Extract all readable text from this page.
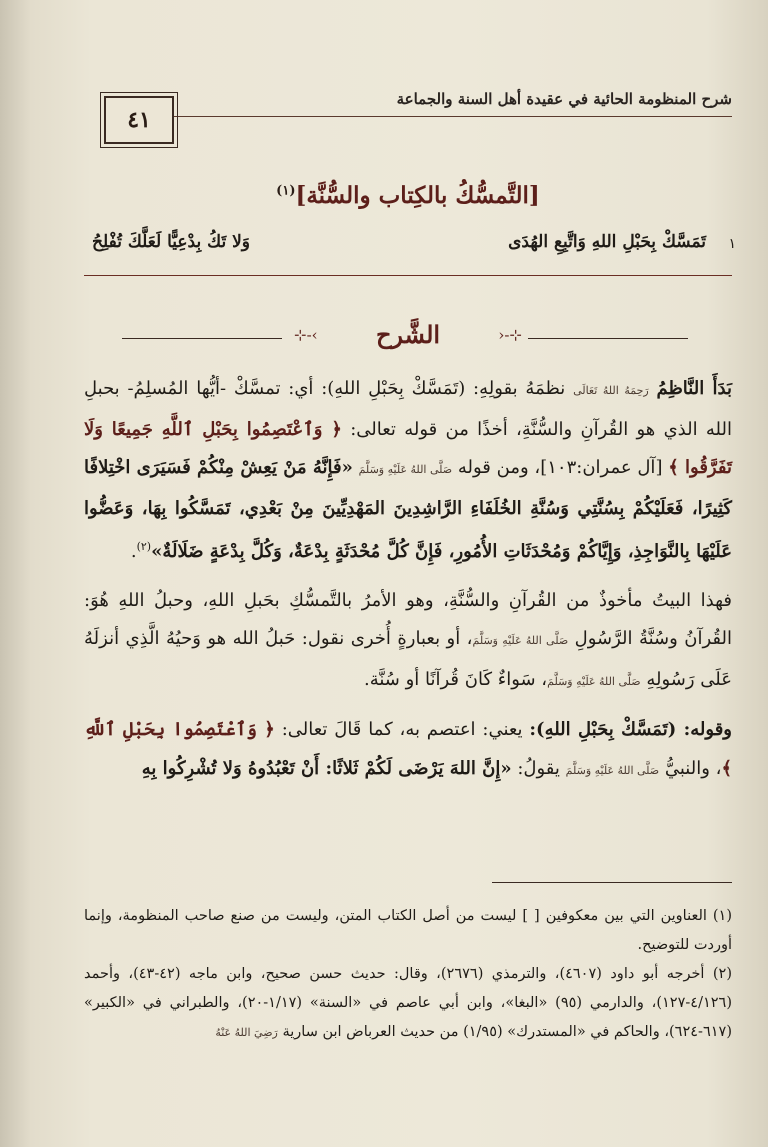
شرح المنظومة الحائية في عقيدة أهل السنة والجماعة
٤١
[التَّمسُّكُ بالكِتاب والسُّنَّة]$^{(١)}$
١
تَمَسَّكْ بِحَبْلِ اللهِ وَاتَّبِعِ الهُدَى
وَلا تَكُ بِدْعِيًّا لَعَلَّكَ تُفْلِحُ
⊹-‹
الشَّرح
›-⊹

بَدَأَ النَّاظِمُ رَحِمَهُ اللهُ تَعَالَى نظمَهُ بقولِهِ: (تَمَسَّكْ بِحَبْلِ اللهِ): أي: تمسَّكْ -أيُّها المُسلِمُ- بحبلِ الله الذي هو القُرآنِ والسُّنَّةِ، أخذًا من قوله تعالى: ﴿ وَٱعْتَصِمُوا بِحَبْلِ ٱللَّهِ جَمِيعًا وَلَا تَفَرَّقُوا ﴾ [آل عمران:١٠٣]، ومن قوله صَلَّى اللهُ عَلَيْهِ وَسَلَّمَ «فَإِنَّهُ مَنْ يَعِشْ مِنْكُمْ فَسَيَرَى اخْتِلافًا كَثِيرًا، فَعَلَيْكُمْ بِسُنَّتِي وَسُنَّةِ الخُلَفَاءِ الرَّاشِدِينَ المَهْدِيِّينَ مِنْ بَعْدِي، تَمَسَّكُوا بِهَا، وَعَضُّوا عَلَيْهَا بِالنَّوَاجِذِ، وَإِيَّاكُمْ وَمُحْدَثَاتِ الأُمُورِ، فَإِنَّ كُلَّ مُحْدَثَةٍ بِدْعَةٌ، وَكُلَّ بِدْعَةٍ ضَلَالَةٌ»$^{(٢)}$.

فهذا البيتُ مأخوذٌ من القُرآنِ والسُّنَّةِ، وهو الأمرُ بالتَّمسُّكِ بحَبلِ اللهِ، وحبلُ اللهِ هُوَ: القُرآنُ وسُنَّةُ الرَّسُولِ صَلَّى اللهُ عَلَيْهِ وَسَلَّمَ، أو بعبارةٍ أُخرى نقول: حَبلُ الله هو وَحيُهُ الَّذِي أنزلَهُ عَلَى رَسُولِهِ صَلَّى اللهُ عَلَيْهِ وَسَلَّمَ، سَواءٌ كَانَ قُرآنًا أو سُنَّة.

وقوله: (تَمَسَّكْ بِحَبْلِ اللهِ): يعني: اعتصم به، كما قَالَ تعالى: ﴿ وَٱعْتَصِمُوا بِحَبْلِ ٱللَّهِ ﴾، والنبيُّ صَلَّى اللهُ عَلَيْهِ وَسَلَّمَ يقولُ: «إِنَّ اللهَ يَرْضَى لَكُمْ ثَلاثًا: أَنْ تَعْبُدُوهُ وَلا تُشْرِكُوا بِهِ

(١) العناوين التي بين معكوفين [ ] ليست من أصل الكتاب المتن، وليست من صنع صاحب المنظومة، وإنما أوردت للتوضيح.

(٢) أخرجه أبو داود (٤٦٠٧)، والترمذي (٢٦٧٦)، وقال: حديث حسن صحيح، وابن ماجه (٤٢-٤٣)، وأحمد (٤/١٢٦-١٢٧)، والدارمي (٩٥) «البغا»، وابن أبي عاصم في «السنة» (١/١٧-٢٠)، والطبراني في «الكبير» (٦١٧-٦٢٤)، والحاكم في «المستدرك» (١/٩٥) من حديث العرباض ابن سارية رَضِيَ اللهُ عَنْهُ
